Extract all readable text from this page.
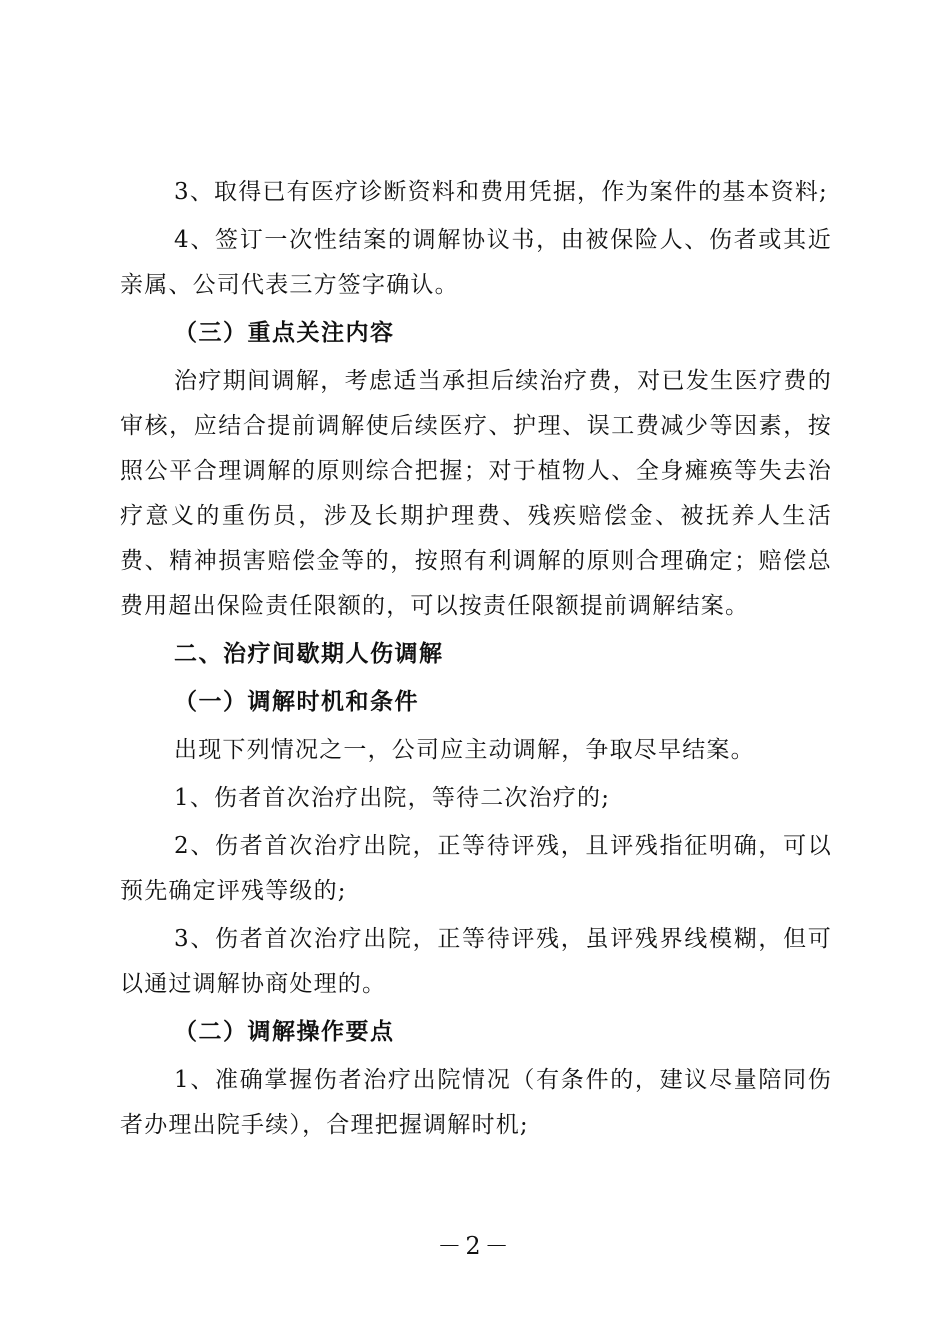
3、取得已有医疗诊断资料和费用凭据，作为案件的基本资料;

4、签订一次性结案的调解协议书，由被保险人、伤者或其近亲属、公司代表三方签字确认。

（三）重点关注内容

治疗期间调解，考虑适当承担后续治疗费，对已发生医疗费的审核，应结合提前调解使后续医疗、护理、误工费减少等因素，按照公平合理调解的原则综合把握；对于植物人、全身瘫痪等失去治疗意义的重伤员，涉及长期护理费、残疾赔偿金、被抚养人生活费、精神损害赔偿金等的，按照有利调解的原则合理确定；赔偿总费用超出保险责任限额的，可以按责任限额提前调解结案。

二、治疗间歇期人伤调解

（一）调解时机和条件

出现下列情况之一，公司应主动调解，争取尽早结案。

1、伤者首次治疗出院，等待二次治疗的;

2、伤者首次治疗出院，正等待评残，且评残指征明确，可以预先确定评残等级的;

3、伤者首次治疗出院，正等待评残，虽评残界线模糊，但可以通过调解协商处理的。

（二）调解操作要点

1、准确掌握伤者治疗出院情况（有条件的，建议尽量陪同伤者办理出院手续），合理把握调解时机;

－2－
